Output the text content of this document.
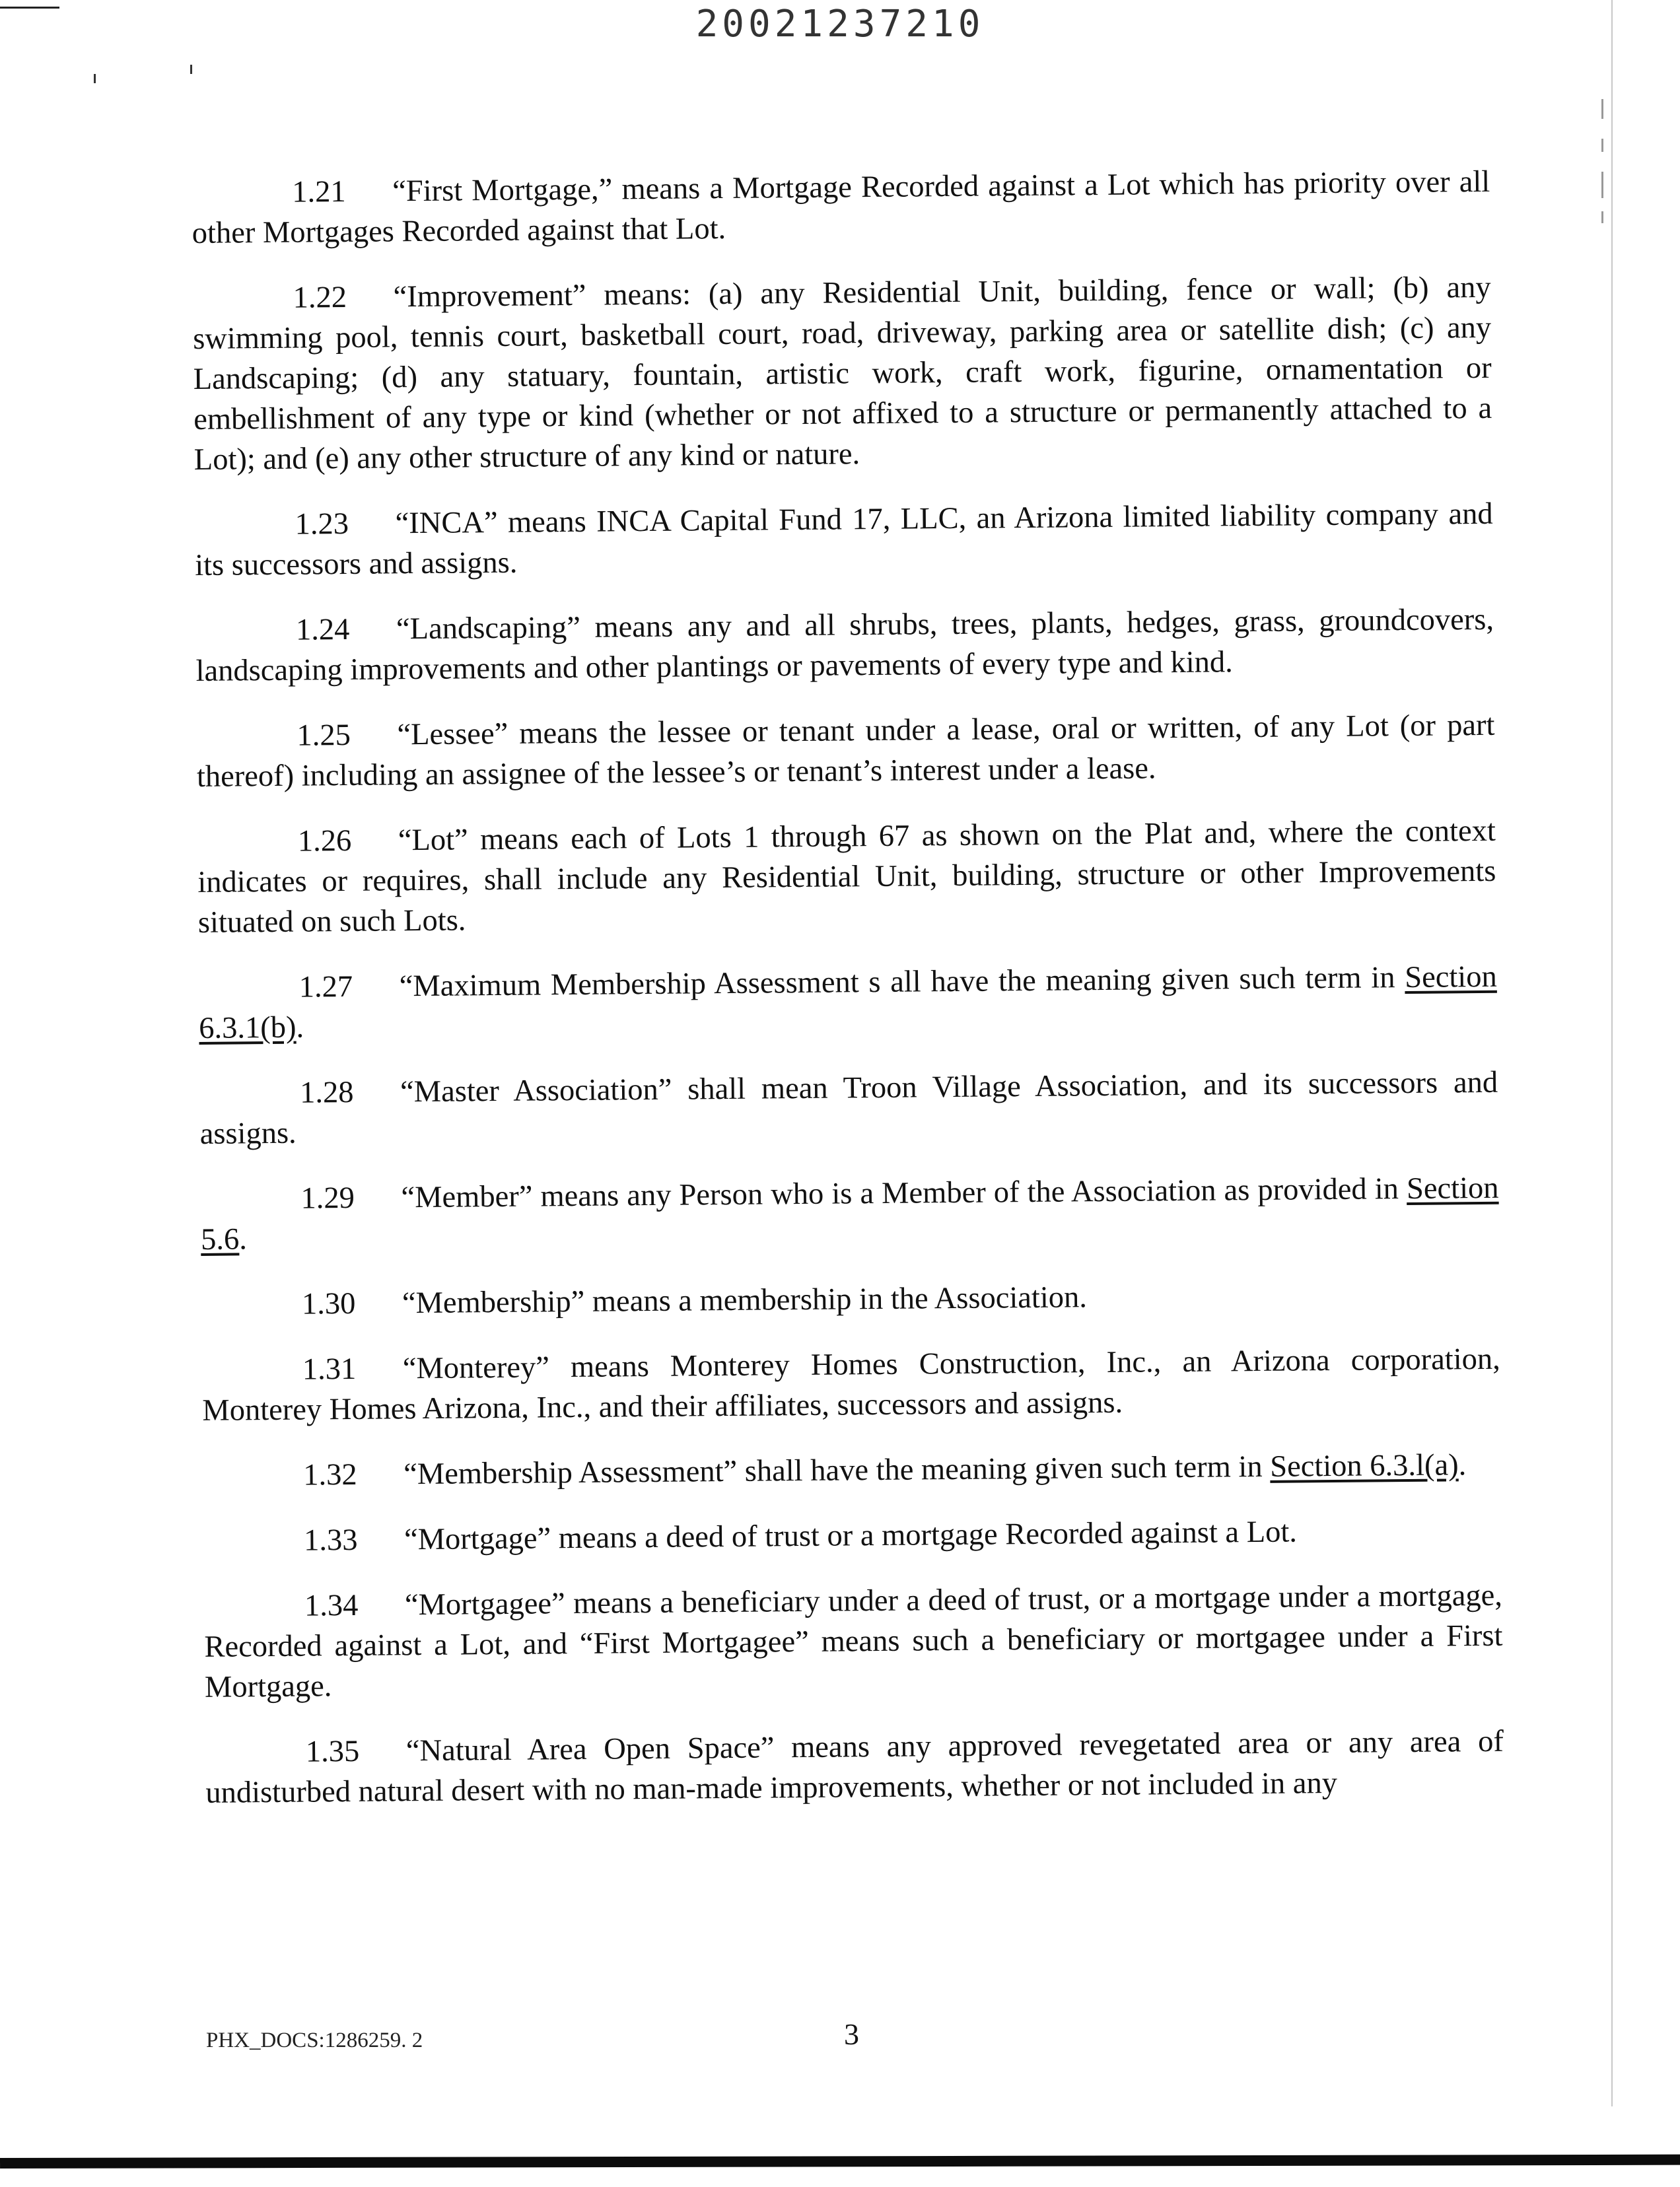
20021237210

1.21 “First Mortgage,” means a Mortgage Recorded against a Lot which has priority over all other Mortgages Recorded against that Lot.

1.22 “Improvement” means: (a) any Residential Unit, building, fence or wall; (b) any swimming pool, tennis court, basketball court, road, driveway, parking area or satellite dish; (c) any Landscaping; (d) any statuary, fountain, artistic work, craft work, figurine, ornamentation or embellishment of any type or kind (whether or not affixed to a structure or permanently attached to a Lot); and (e) any other structure of any kind or nature.

1.23 “INCA” means INCA Capital Fund 17, LLC, an Arizona limited liability company and its successors and assigns.

1.24 “Landscaping” means any and all shrubs, trees, plants, hedges, grass, groundcovers, landscaping improvements and other plantings or pavements of every type and kind.

1.25 “Lessee” means the lessee or tenant under a lease, oral or written, of any Lot (or part thereof) including an assignee of the lessee’s or tenant’s interest under a lease.

1.26 “Lot” means each of Lots 1 through 67 as shown on the Plat and, where the context indicates or requires, shall include any Residential Unit, building, structure or other Improvements situated on such Lots.

1.27 “Maximum Membership Assessment s all have the meaning given such term in Section 6.3.1(b).

1.28 “Master Association” shall mean Troon Village Association, and its successors and assigns.

1.29 “Member” means any Person who is a Member of the Association as provided in Section 5.6.

1.30 “Membership” means a membership in the Association.

1.31 “Monterey” means Monterey Homes Construction, Inc., an Arizona corporation, Monterey Homes Arizona, Inc., and their affiliates, successors and assigns.

1.32 “Membership Assessment” shall have the meaning given such term in Section 6.3.l(a).

1.33 “Mortgage” means a deed of trust or a mortgage Recorded against a Lot.

1.34 “Mortgagee” means a beneficiary under a deed of trust, or a mortgage under a mortgage, Recorded against a Lot, and “First Mortgagee” means such a beneficiary or mortgagee under a First Mortgage.

1.35 “Natural Area Open Space” means any approved revegetated area or any area of undisturbed natural desert with no man-made improvements, whether or not included in any

PHX_DOCS:1286259. 2	3
